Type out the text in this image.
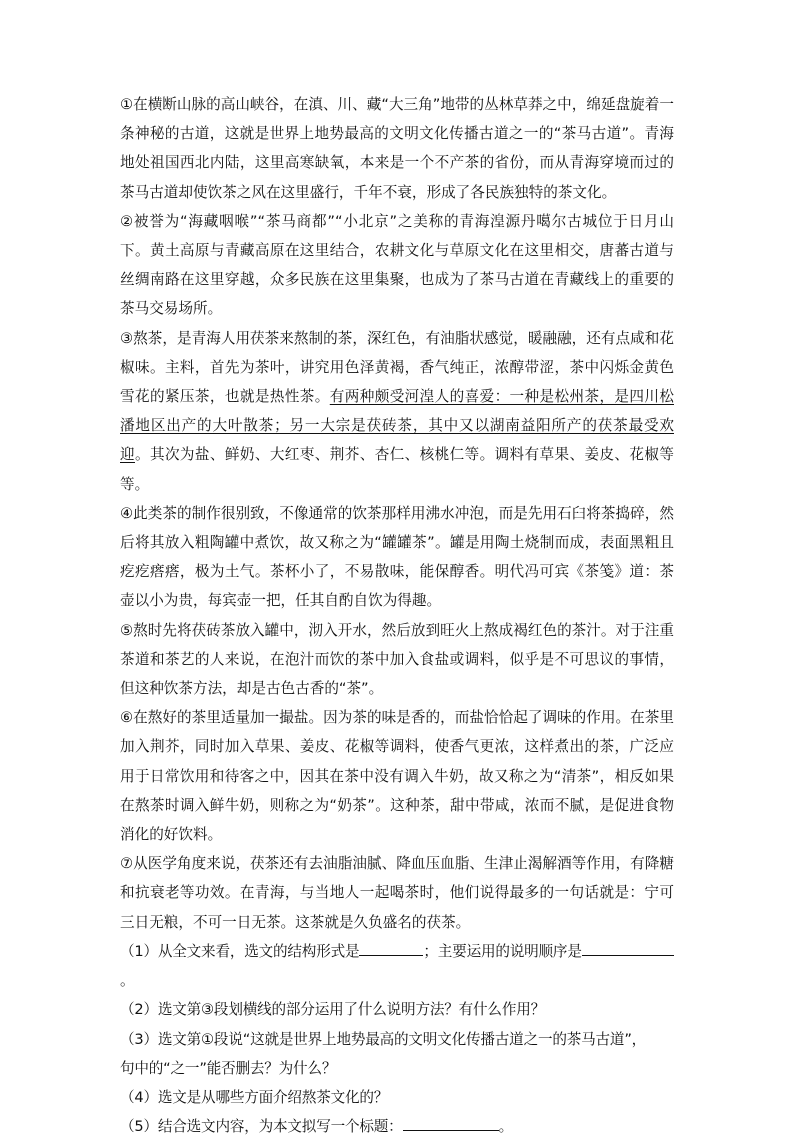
①在横断山脉的高山峡谷，在滇、川、藏“大三角”地带的丛林草莽之中，绵延盘旋着一条神秘的古道，这就是世界上地势最高的文明文化传播古道之一的“茶马古道”。青海地处祖国西北内陆，这里高寒缺氧，本来是一个不产茶的省份，而从青海穿境而过的茶马古道却使饮茶之风在这里盛行，千年不衰，形成了各民族独特的茶文化。

②被誉为“海藏咽喉”“茶马商都”“小北京”之美称的青海湟源丹噶尔古城位于日月山下。黄土高原与青藏高原在这里结合，农耕文化与草原文化在这里相交，唐蕃古道与丝绸南路在这里穿越，众多民族在这里集聚，也成为了茶马古道在青藏线上的重要的茶马交易场所。

③熬茶，是青海人用茯茶来熬制的茶，深红色，有油脂状感觉，暖融融，还有点咸和花椒味。主料，首先为茶叶，讲究用色泽黄褐，香气纯正，浓醇带涩，茶中闪烁金黄色雪花的紧压茶，也就是热性茶。有两种颇受河湟人的喜爱：一种是松州茶，是四川松潘地区出产的大叶散茶；另一大宗是茯砖茶，其中又以湖南益阳所产的茯茶最受欢迎。其次为盐、鲜奶、大红枣、荆芥、杏仁、核桃仁等。调料有草果、姜皮、花椒等等。

④此类茶的制作很别致，不像通常的饮茶那样用沸水冲泡，而是先用石臼将茶捣碎，然后将其放入粗陶罐中煮饮，故又称之为“罐罐茶”。罐是用陶土烧制而成，表面黑粗且疙疙瘩瘩，极为土气。茶杯小了，不易散味，能保醇香。明代冯可宾《茶笺》道：茶壶以小为贵，每宾壶一把，任其自酌自饮为得趣。

⑤熬时先将茯砖茶放入罐中，沏入开水，然后放到旺火上熬成褐红色的茶汁。对于注重茶道和茶艺的人来说，在泡汁而饮的茶中加入食盐或调料，似乎是不可思议的事情，但这种饮茶方法，却是古色古香的“茶”。

⑥在熬好的茶里适量加一撮盐。因为茶的味是香的，而盐恰恰起了调味的作用。在茶里加入荆芥，同时加入草果、姜皮、花椒等调料，使香气更浓，这样煮出的茶，广泛应用于日常饮用和待客之中，因其在茶中没有调入牛奶，故又称之为“清茶”，相反如果在熬茶时调入鲜牛奶，则称之为“奶茶”。这种茶，甜中带咸，浓而不腻，是促进食物消化的好饮料。

⑦从医学角度来说，茯茶还有去油脂油腻、降血压血脂、生津止渴解酒等作用，有降糖和抗衰老等功效。在青海，与当地人一起喝茶时，他们说得最多的一句话就是：宁可三日无粮，不可一日无茶。这茶就是久负盛名的茯茶。

（1）从全文来看，选文的结构形式是	；主要运用的说明顺序是。

（2）选文第③段划横线的部分运用了什么说明方法？有什么作用？

（3）选文第①段说“这就是世界上地势最高的文明文化传播古道之一的茶马古道”，
句中的“之一”能否删去？为什么？

（4）选文是从哪些方面介绍熬茶文化的？

（5）结合选文内容，为本文拟写一个标题：	。
